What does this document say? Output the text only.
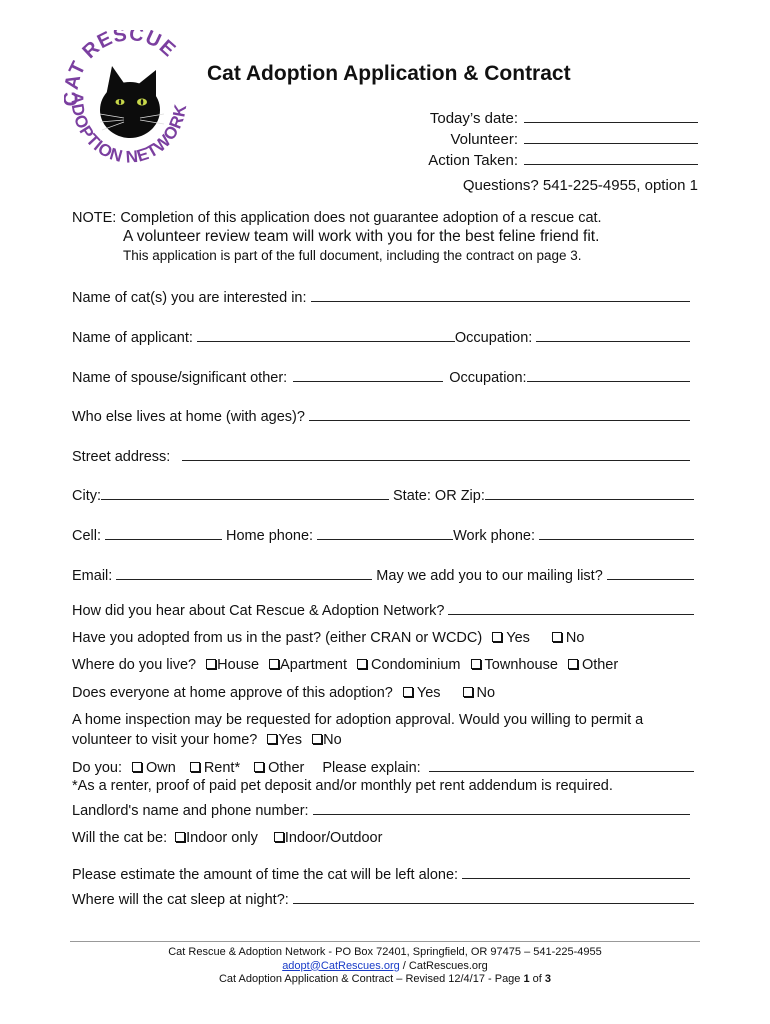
T RESCUE
ADOPTION NETWORK
Cat Adoption Application & Contract
Today’s date:
Volunteer:
Action Taken:
Questions? 541-225-4955, option 1
NOTE: Completion of this application does not guarantee adoption of a rescue cat.
A volunteer review team will work with you for the best feline friend fit.
This application is part of the full document, including the contract on page 3.
Name of cat(s) you are interested in:
Name of applicant:	Occupation:
Name of spouse/significant other:	Occupation:
Who else lives at home (with ages)?
Street address:
City:	State: OR Zip:
Cell:	Home phone:	Work phone:
Email:	May we add you to our mailing list?
How did you hear about Cat Rescue & Adoption Network?
Have you adopted from us in the past? (either CRAN or WCDC) Yes No
Where do you live? House Apartment Condominium Townhouse Other
Does everyone at home approve of this adoption? Yes No
A home inspection may be requested for adoption approval. Would you willing to permit a
volunteer to visit your home? Yes No
Do you: Own Rent* Other Please explain:
*As a renter, proof of paid pet deposit and/or monthly pet rent addendum is required.
Landlord's name and phone number:
Will the cat be: Indoor only Indoor/Outdoor
Please estimate the amount of time the cat will be left alone:
Where will the cat sleep at night?:
Cat Rescue & Adoption Network - PO Box 72401, Springfield, OR 97475 – 541-225-4955
adopt@CatRescues.org / CatRescues.org
Cat Adoption Application & Contract – Revised 12/4/17 - Page 1 of 3
